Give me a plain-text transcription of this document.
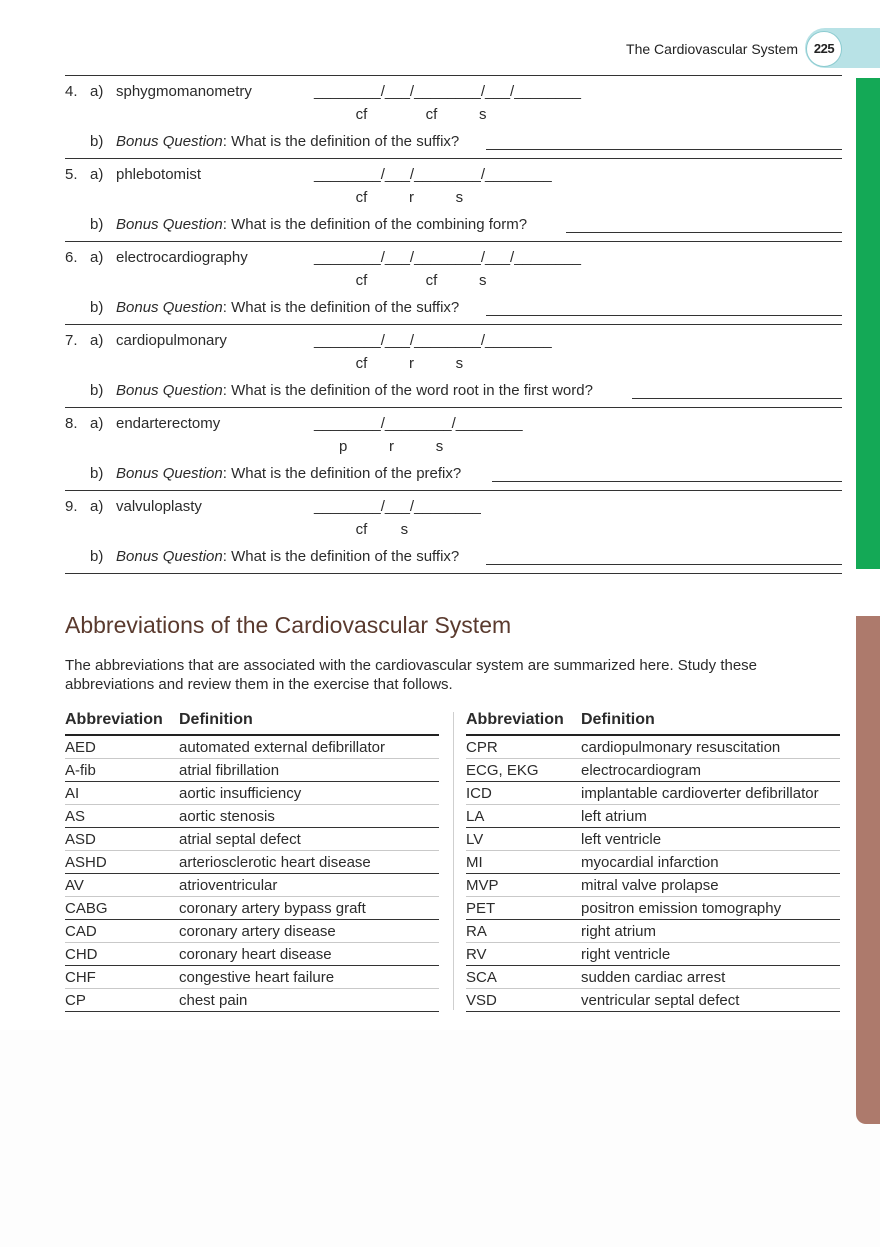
The Cardiovascular System	225
4. a) sphygmomanometry	________/___/________/___/________
cf              cf          s
b) Bonus Question: What is the definition of the suffix?
5. a) phlebotomist	________/___/________/________
cf          r          s
b) Bonus Question: What is the definition of the combining form?
6. a) electrocardiography	________/___/________/___/________
cf              cf          s
b) Bonus Question: What is the definition of the suffix?
7. a) cardiopulmonary	________/___/________/________
cf          r          s
b) Bonus Question: What is the definition of the word root in the first word?
8. a) endarterectomy	________/________/________
p          r          s
b) Bonus Question: What is the definition of the prefix?
9. a) valvuloplasty	________/___/________
cf        s
b) Bonus Question: What is the definition of the suffix?
Abbreviations of the Cardiovascular System
The abbreviations that are associated with the cardiovascular system are summarized here. Study these abbreviations and review them in the exercise that follows.
Abbreviation Definition
AED	automated external defibrillator
A-fib	atrial fibrillation
AI	aortic insufficiency
AS	aortic stenosis
ASD	atrial septal defect
ASHD	arteriosclerotic heart disease
AV	atrioventricular
CABG	coronary artery bypass graft
CAD	coronary artery disease
CHD	coronary heart disease
CHF	congestive heart failure
CP	chest pain
Abbreviation Definition
CPR	cardiopulmonary resuscitation
ECG, EKG	electrocardiogram
ICD	implantable cardioverter defibrillator
LA	left atrium
LV	left ventricle
MI	myocardial infarction
MVP	mitral valve prolapse
PET	positron emission tomography
RA	right atrium
RV	right ventricle
SCA	sudden cardiac arrest
VSD	ventricular septal defect
